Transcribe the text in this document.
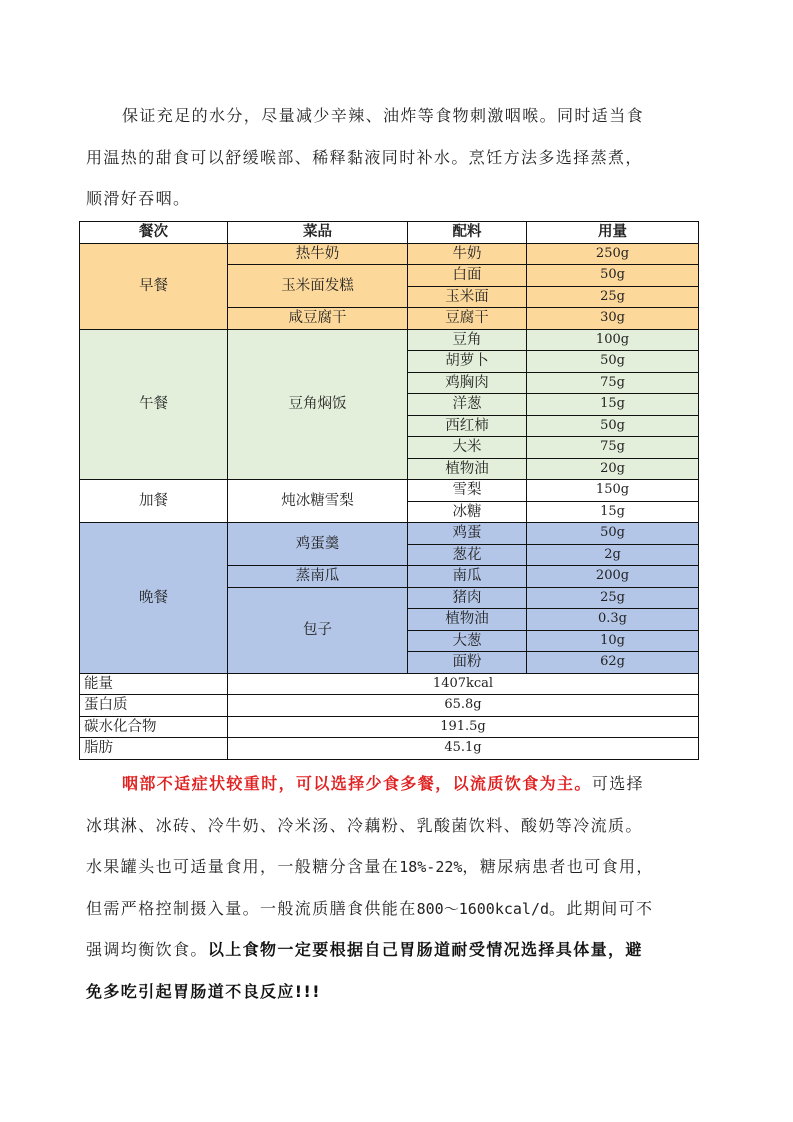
保证充足的水分，尽量减少辛辣、油炸等食物刺激咽喉。同时适当食
用温热的甜食可以舒缓喉部、稀释黏液同时补水。烹饪方法多选择蒸煮，
顺滑好吞咽。
餐次	菜品	配料	用量
早餐	热牛奶	牛奶	250g
	玉米面发糕	白面	50g
		玉米面	25g
	咸豆腐干	豆腐干	30g
午餐	豆角焖饭	豆角	100g
		胡萝卜	50g
		鸡胸肉	75g
		洋葱	15g
		西红柿	50g
		大米	75g
		植物油	20g
加餐	炖冰糖雪梨	雪梨	150g
		冰糖	15g
晚餐	鸡蛋羹	鸡蛋	50g
		葱花	2g
	蒸南瓜	南瓜	200g
	包子	猪肉	25g
		植物油	0.3g
		大葱	10g
		面粉	62g
能量	1407kcal		
蛋白质	65.8g		
碳水化合物	191.5g		
脂肪	45.1g		
咽部不适症状较重时，可以选择少食多餐，以流质饮食为主。可选择
冰琪淋、冰砖、冷牛奶、冷米汤、冷藕粉、乳酸菌饮料、酸奶等冷流质。
水果罐头也可适量食用，一般糖分含量在18%-22%，糖尿病患者也可食用，
但需严格控制摄入量。一般流质膳食供能在800～1600kcal/d。此期间可不
强调均衡饮食。以上食物一定要根据自己胃肠道耐受情况选择具体量，避
免多吃引起胃肠道不良反应!!!
